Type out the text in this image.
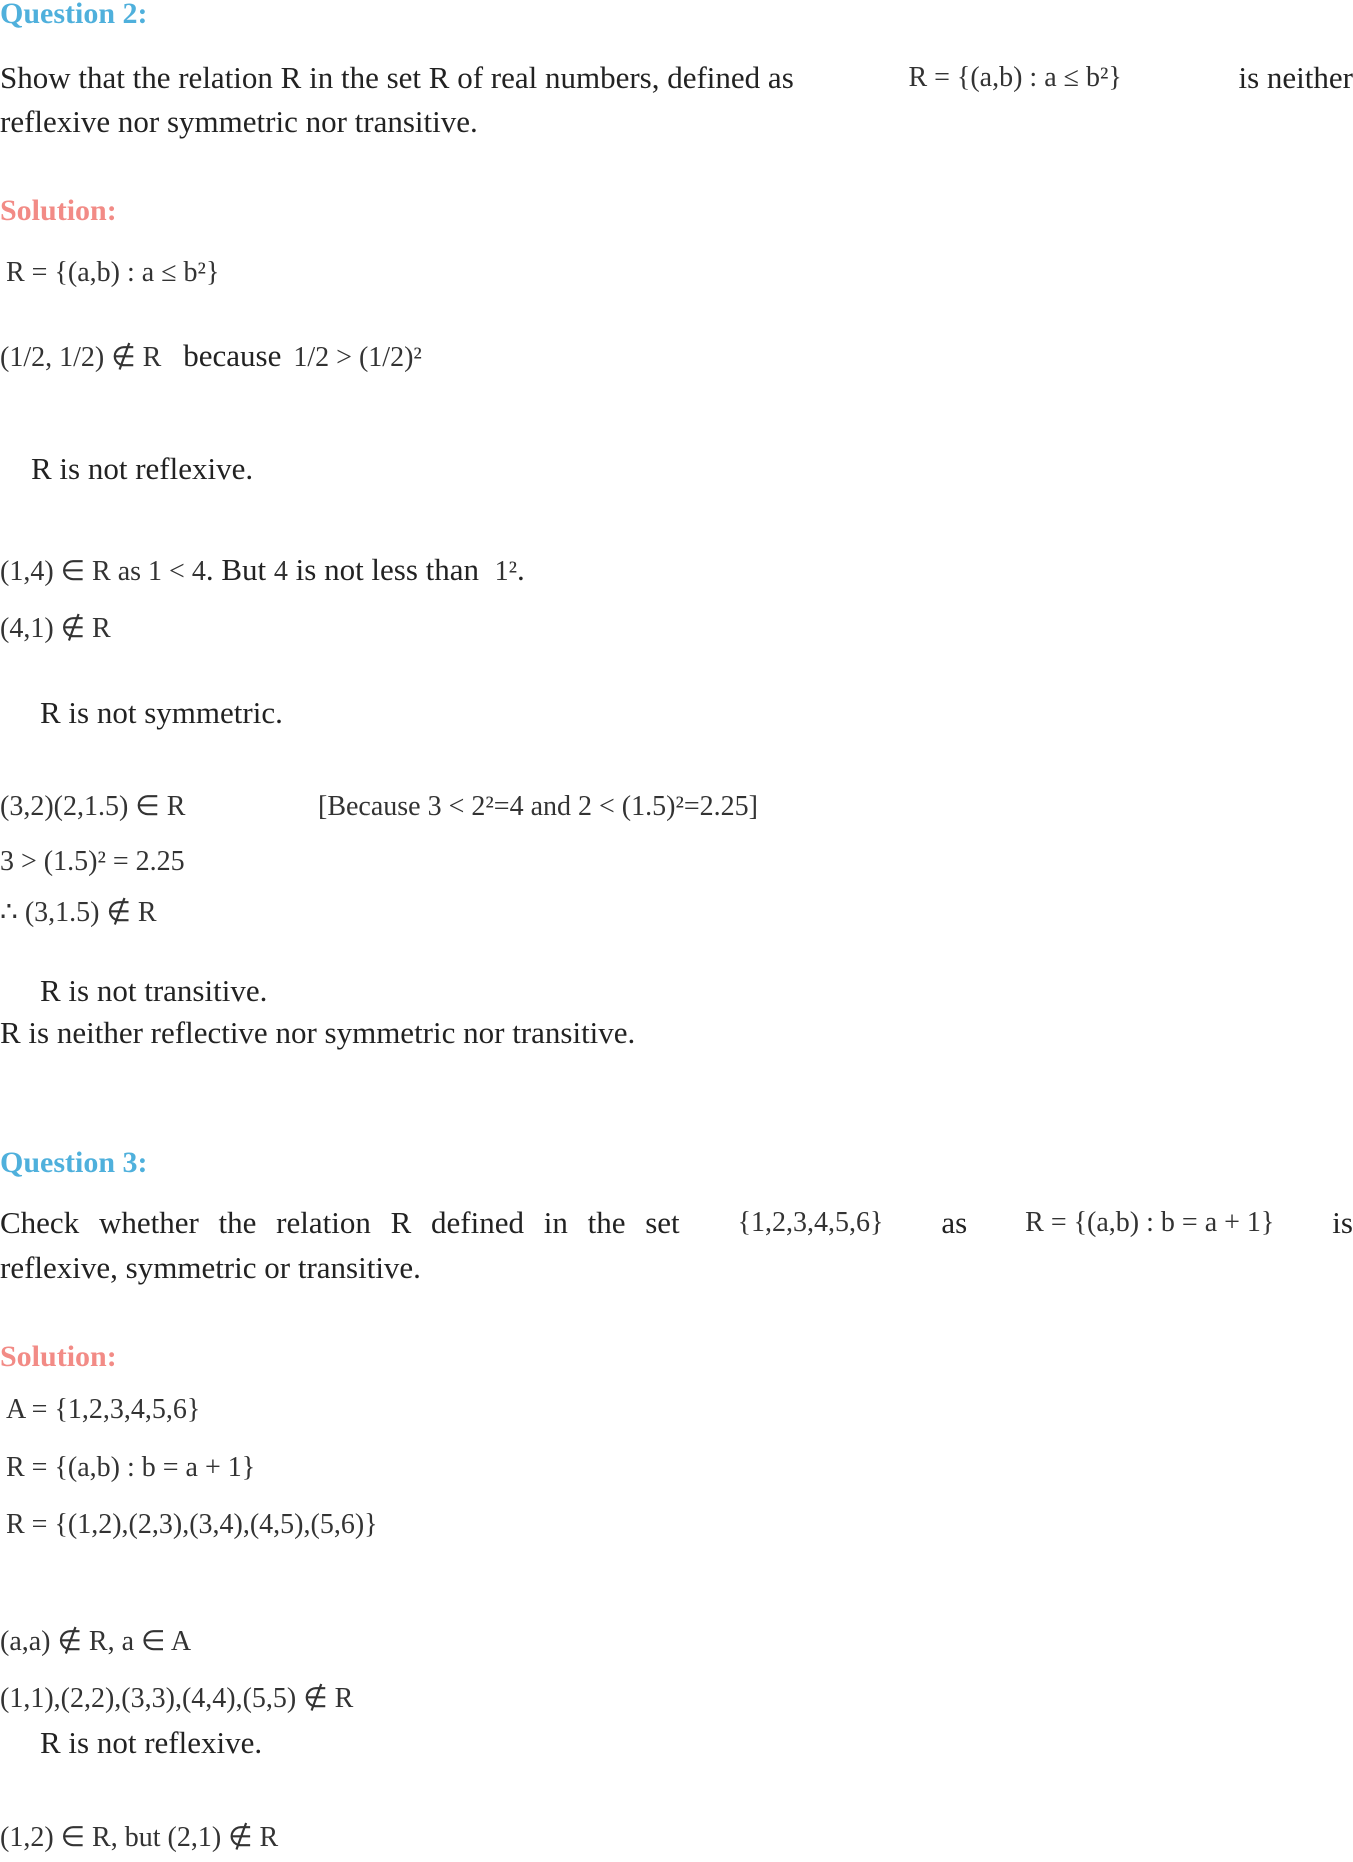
Question 2:
Show that the relation R in the set R of real numbers, defined as	R = {(a,b) : a ≤ b²}	is neither
reflexive nor symmetric nor transitive.
Solution:
R = {(a,b) : a ≤ b²}
(1/2, 1/2) ∉ R because 1/2 > (1/2)²
R is not reflexive.
(1,4) ∈ R as 1 < 4. But 4 is not less than 1².
(4,1) ∉ R
R is not symmetric.
(3,2)(2,1.5) ∈ R	[Because 3 < 2²=4 and 2 < (1.5)²=2.25]
3 > (1.5)² = 2.25
∴ (3,1.5) ∉ R
R is not transitive.
R is neither reflective nor symmetric nor transitive.
Question 3:
Check whether the relation R defined in the set {1,2,3,4,5,6} as R = {(a,b) : b = a + 1} is
reflexive, symmetric or transitive.
Solution:
A = {1,2,3,4,5,6}
R = {(a,b) : b = a + 1}
R = {(1,2),(2,3),(3,4),(4,5),(5,6)}
(a,a) ∉ R, a ∈ A
(1,1),(2,2),(3,3),(4,4),(5,5) ∉ R
R is not reflexive.
(1,2) ∈ R, but (2,1) ∉ R
